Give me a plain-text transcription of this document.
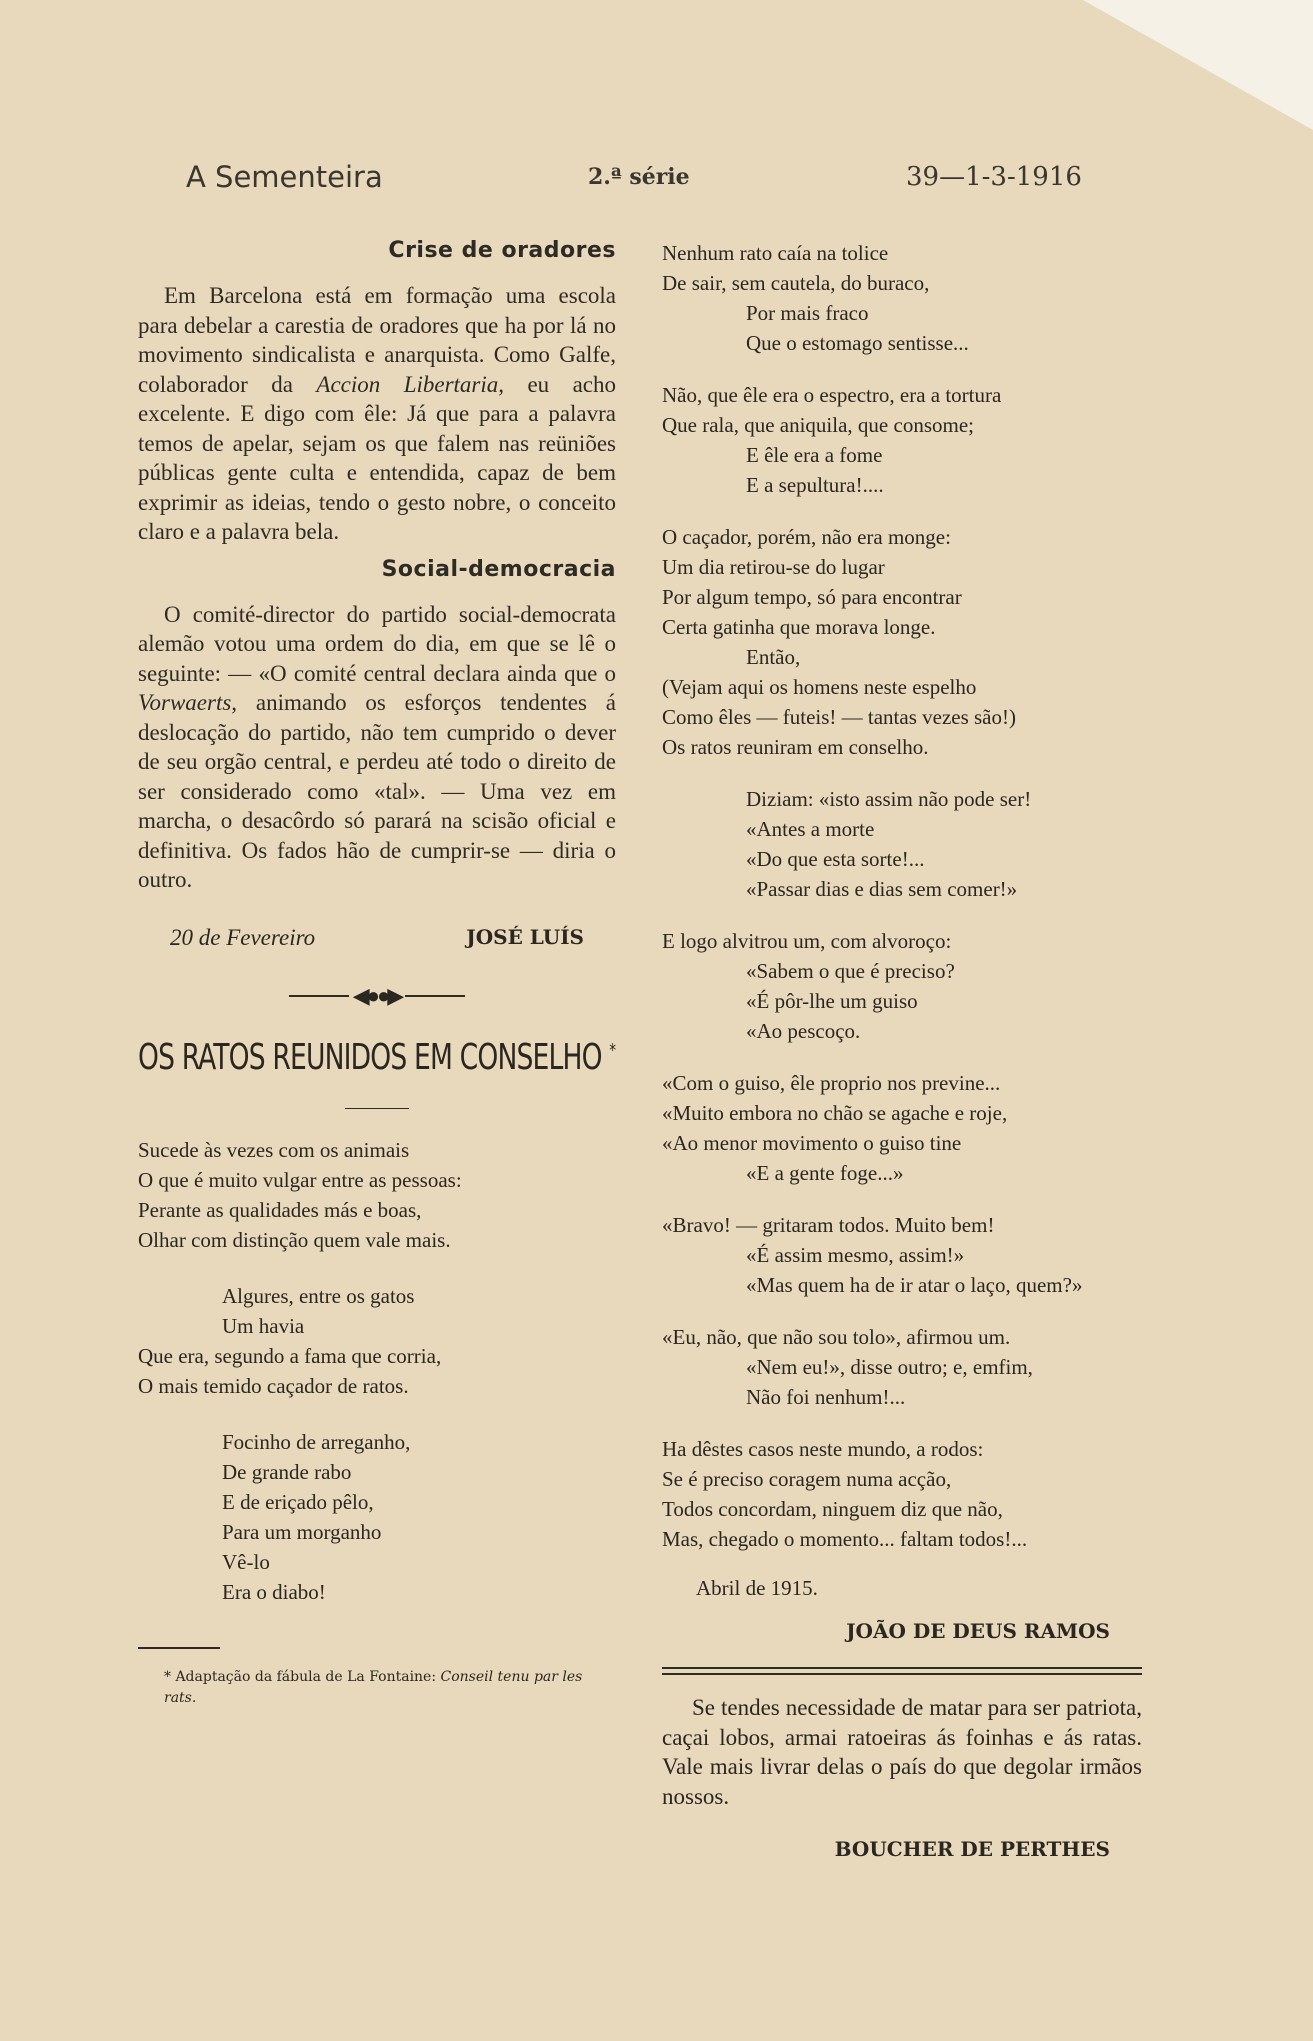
A Sementeira	2.ª série	39—1-3-1916
Crise de oradores

Em Barcelona está em formação uma escola para debelar a carestia de oradores que ha por lá no movimento sindicalista e anarquista. Como Galfe, colaborador da Accion Libertaria, eu acho excelente. E digo com êle: Já que para a palavra temos de apelar, sejam os que falem nas reüniões públicas gente culta e entendida, capaz de bem exprimir as ideias, tendo o gesto nobre, o conceito claro e a palavra bela.

Social-democracia

O comité-director do partido social-democrata alemão votou uma ordem do dia, em que se lê o seguinte: — «O comité central declara ainda que o Vorwaerts, animando os esforços tendentes á deslocação do partido, não tem cumprido o dever de seu orgão central, e perdeu até todo o direito de ser considerado como «tal». — Uma vez em marcha, o desacôrdo só parará na scisão oficial e definitiva. Os fados hão de cumprir-se — diria o outro.

20 de Fevereiro	JOSÉ LUÍS
◀●●▶
OS RATOS REUNIDOS EM CONSELHO *
Sucede às vezes com os animais
O que é muito vulgar entre as pessoas:
Perante as qualidades más e boas,
Olhar com distinção quem vale mais.
Algures, entre os gatos
Um havia
Que era, segundo a fama que corria,
O mais temido caçador de ratos.
Focinho de arreganho,
De grande rabo
E de eriçado pêlo,
Para um morganho
Vê-lo
Era o diabo!
* Adaptação da fábula de La Fontaine: Conseil tenu par les rats.
Nenhum rato caía na tolice
De sair, sem cautela, do buraco,
Por mais fraco
Que o estomago sentisse...
Não, que êle era o espectro, era a tortura
Que rala, que aniquila, que consome;
E êle era a fome
E a sepultura!....
O caçador, porém, não era monge:
Um dia retirou-se do lugar
Por algum tempo, só para encontrar
Certa gatinha que morava longe.
Então,
(Vejam aqui os homens neste espelho
Como êles — futeis! — tantas vezes são!)
Os ratos reuniram em conselho.
Diziam: «isto assim não pode ser!
«Antes a morte
«Do que esta sorte!...
«Passar dias e dias sem comer!»
E logo alvitrou um, com alvoroço:
«Sabem o que é preciso?
«É pôr-lhe um guiso
«Ao pescoço.
«Com o guiso, êle proprio nos previne...
«Muito embora no chão se agache e roje,
«Ao menor movimento o guiso tine
«E a gente foge...»
«Bravo! — gritaram todos. Muito bem!
«É assim mesmo, assim!»
«Mas quem ha de ir atar o laço, quem?»
«Eu, não, que não sou tolo», afirmou um.
«Nem eu!», disse outro; e, emfim,
Não foi nenhum!...
Ha dêstes casos neste mundo, a rodos:
Se é preciso coragem numa acção,
Todos concordam, ninguem diz que não,
Mas, chegado o momento... faltam todos!...
Abril de 1915.
JOÃO DE DEUS RAMOS

Se tendes necessidade de matar para ser patriota, caçai lobos, armai ratoeiras ás foinhas e ás ratas. Vale mais livrar delas o país do que degolar irmãos nossos.

BOUCHER DE PERTHES
